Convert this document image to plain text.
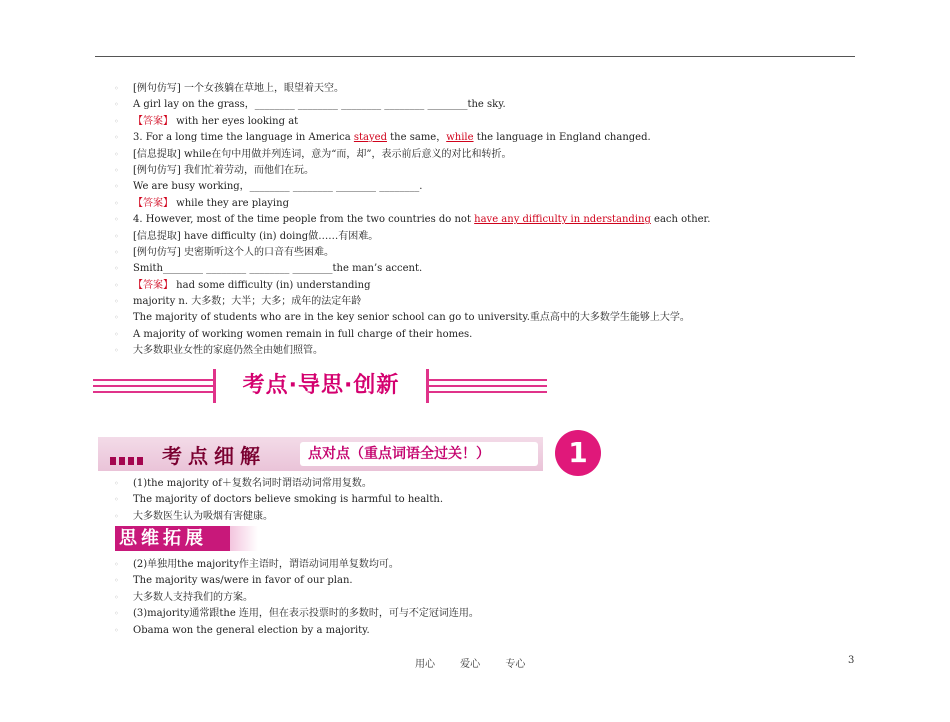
◦ [例句仿写] 一个女孩躺在草地上，眼望着天空。
◦ A girl lay on the grass，________ ________ ________ ________ ________the sky.
◦ 【答案】 with her eyes looking at
◦ 3. For a long time the language in America stayed the same，while the language in England changed.
◦ [信息提取] while在句中用做并列连词，意为“而，却”，表示前后意义的对比和转折。
◦ [例句仿写] 我们忙着劳动，而他们在玩。
◦ We are busy working，________ ________ ________ ________.
◦ 【答案】 while they are playing
◦ 4. However, most of the time people from the two countries do not have any difficulty in nderstanding each other.
◦ [信息提取] have difficulty (in) doing做……有困难。
◦ [例句仿写] 史密斯听这个人的口音有些困难。
◦ Smith________ ________ ________ ________the man’s accent.
◦ 【答案】 had some difficulty (in) understanding
◦ majority n. 大多数；大半；大多；成年的法定年龄
◦ The majority of students who are in the key senior school can go to university.重点高中的大多数学生能够上大学。
◦ A majority of working women remain in full charge of their homes.
◦ 大多数职业女性的家庭仍然全由她们照管。
考点·导思·创新
考点细解	点对点（重点词语全过关！）	1
◦ (1)the majority of＋复数名词时谓语动词常用复数。
◦ The majority of doctors believe smoking is harmful to health.
◦ 大多数医生认为吸烟有害健康。
思维拓展
◦ (2)单独用the majority作主语时，谓语动词用单复数均可。
◦ The majority was/were in favor of our plan.
◦ 大多数人支持我们的方案。
◦ (3)majority通常跟the 连用，但在表示投票时的多数时，可与不定冠词连用。
◦ Obama won the general election by a majority.
用心 爱心 专心	3
